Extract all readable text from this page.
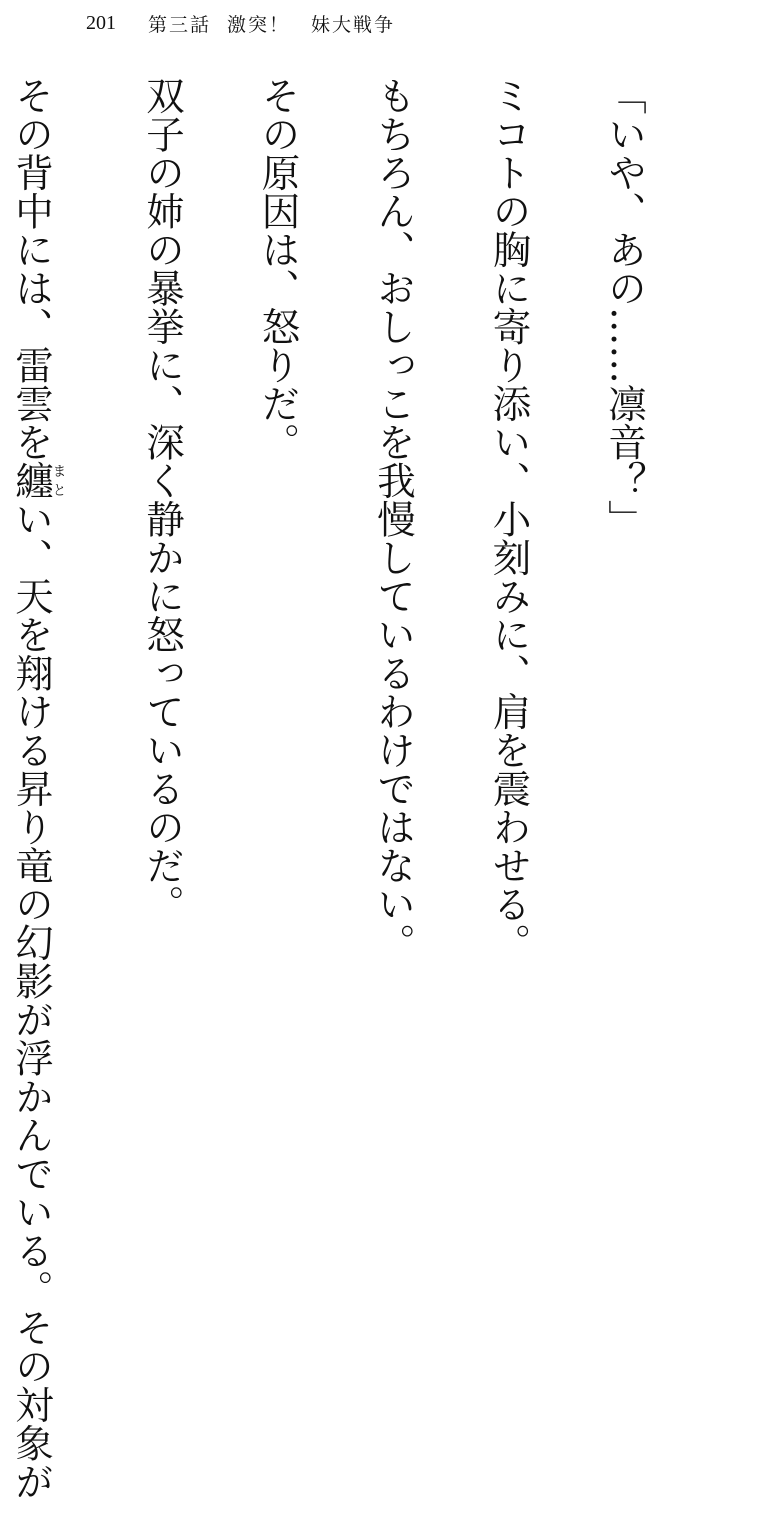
201 第三話 激突！　妹大戦争

「いや、あの……凛音？」

ミコトの胸に寄り添い、小刻みに、肩を震わせる。

もちろん、おしっこを我慢しているわけではない。

その原因は、怒りだ。

双子の姉の暴挙に、深く静かに怒っているのだ。

その背中には、雷雲を纏まとい、天を翔ける昇り竜の幻影が浮かんでいる。その対象が
